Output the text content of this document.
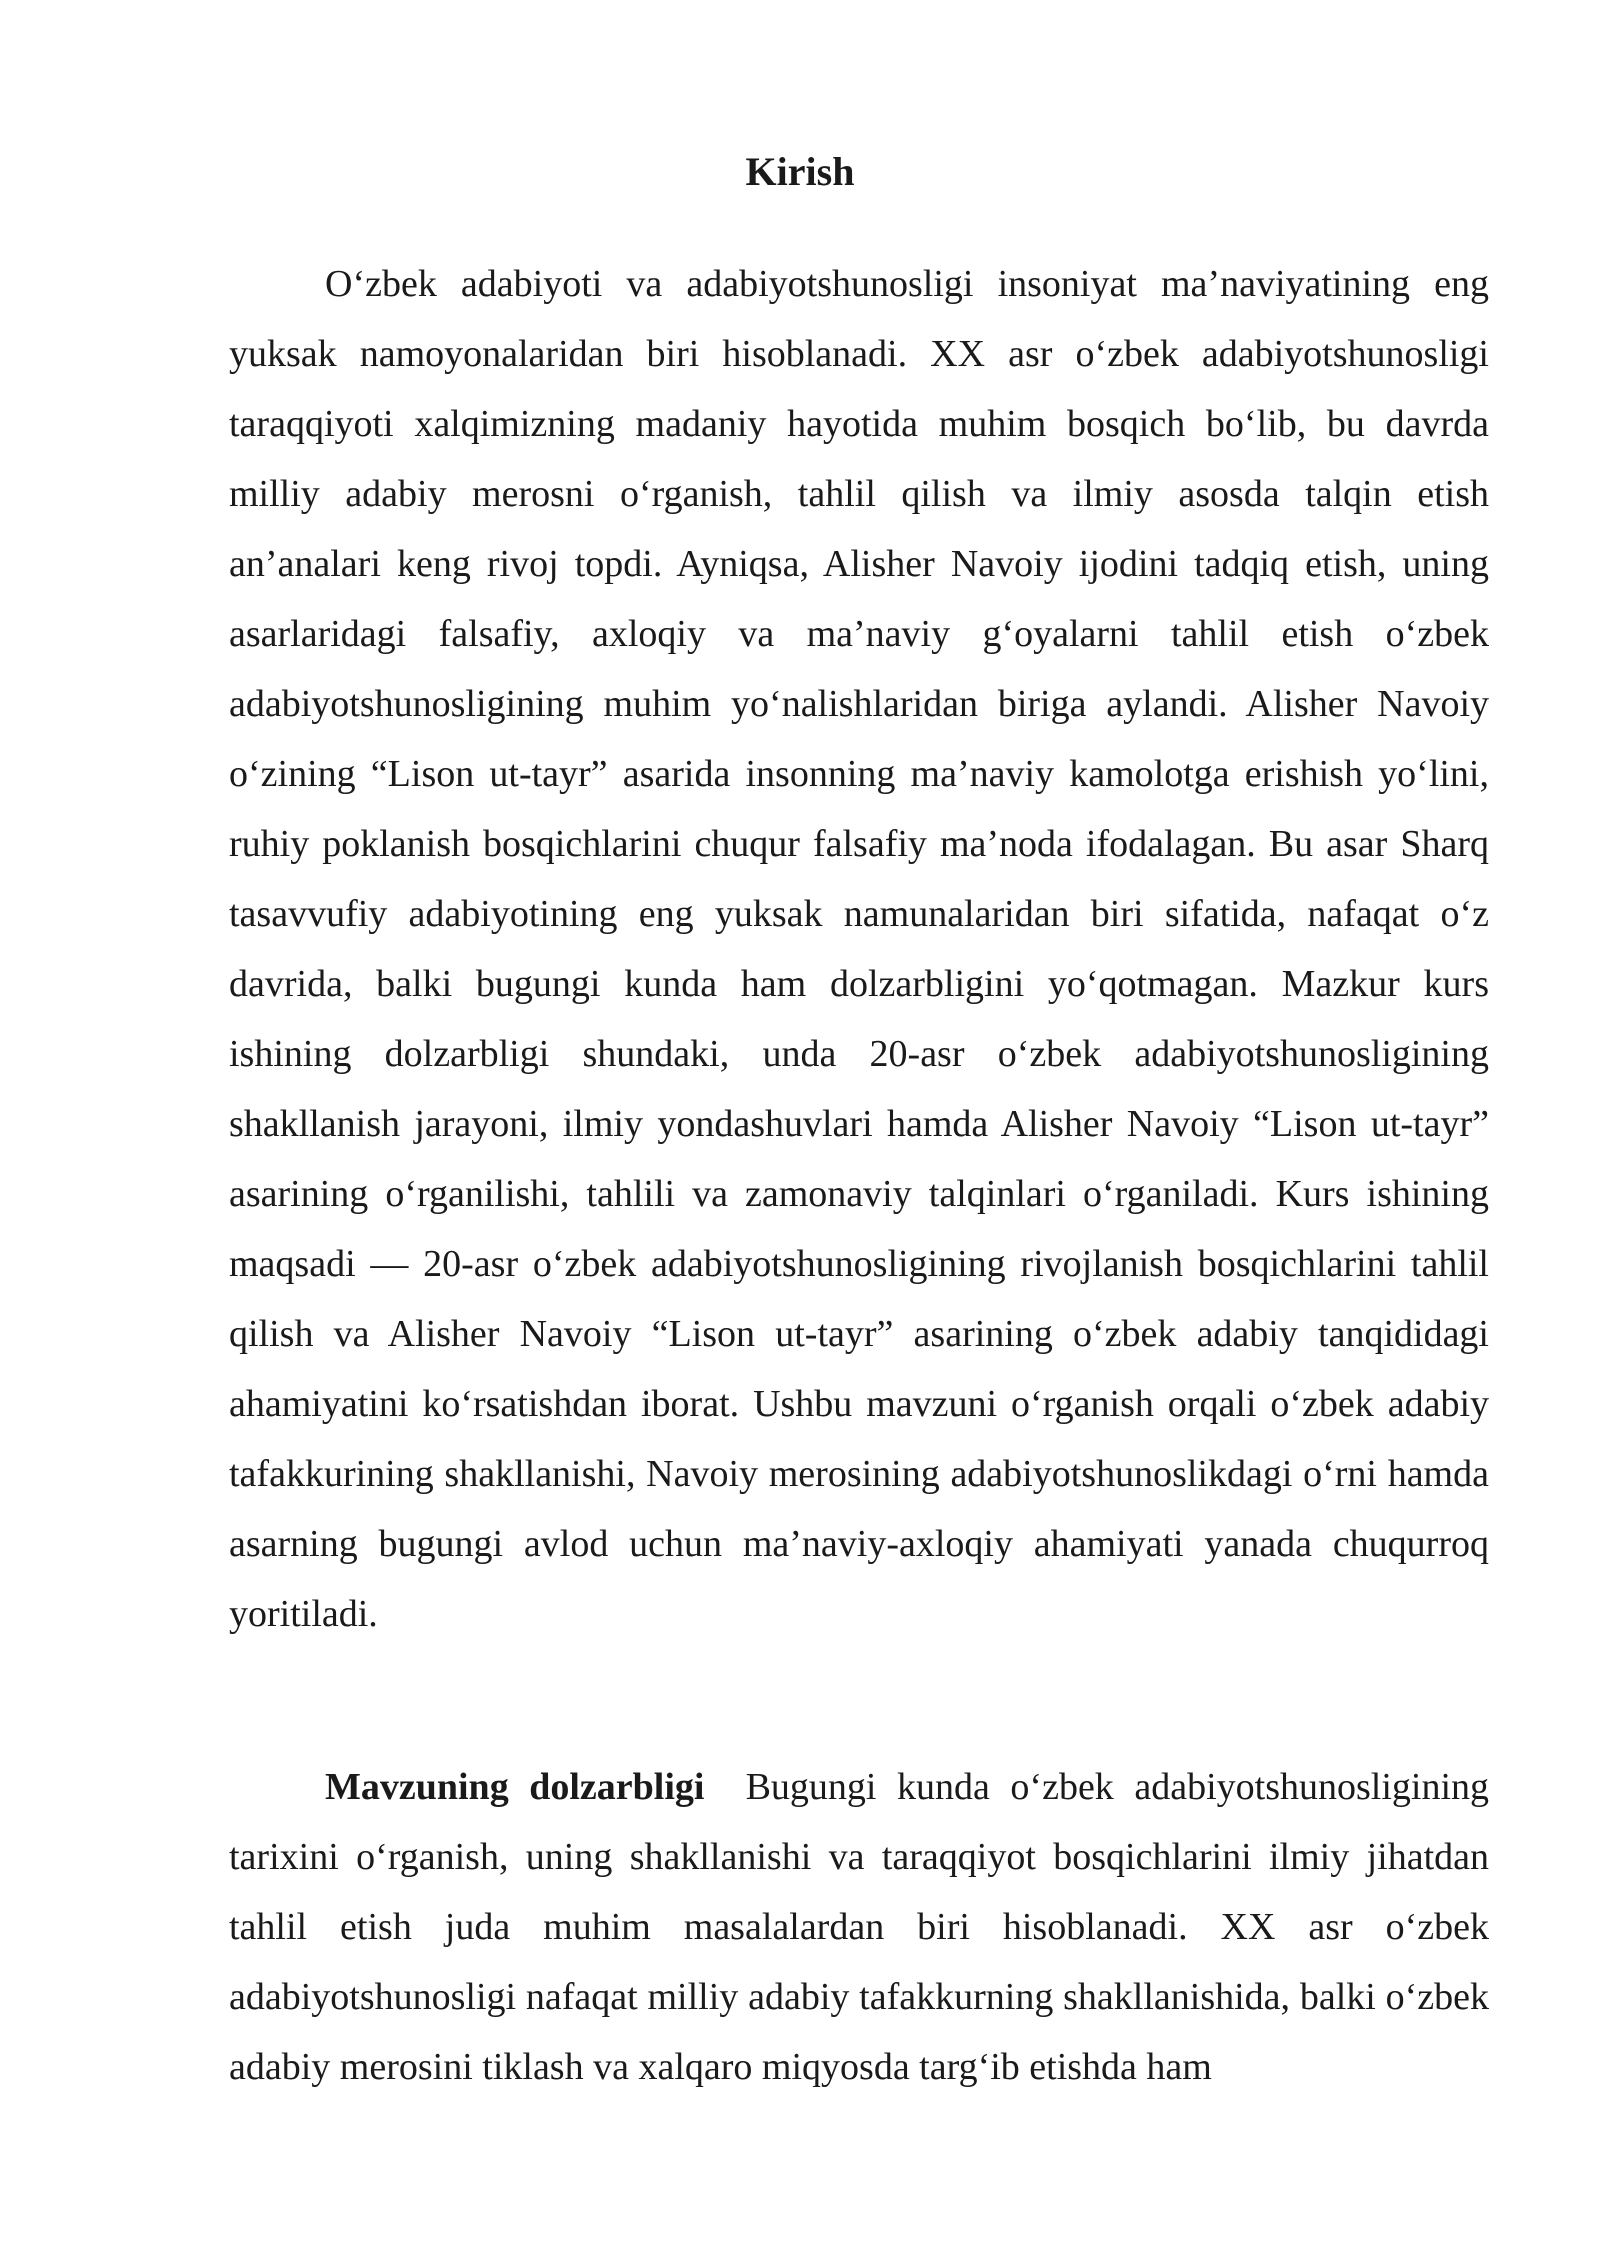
Kirish

O‘zbek adabiyoti va adabiyotshunosligi insoniyat ma’naviyatining eng yuksak namoyonalaridan biri hisoblanadi. XX asr o‘zbek adabiyotshunosligi taraqqiyoti xalqimizning madaniy hayotida muhim bosqich bo‘lib, bu davrda milliy adabiy merosni o‘rganish, tahlil qilish va ilmiy asosda talqin etish an’analari keng rivoj topdi. Ayniqsa, Alisher Navoiy ijodini tadqiq etish, uning asarlaridagi falsafiy, axloqiy va ma’naviy g‘oyalarni tahlil etish o‘zbek adabiyotshunosligining muhim yo‘nalishlaridan biriga aylandi. Alisher Navoiy o‘zining “Lison ut-tayr” asarida insonning ma’naviy kamolotga erishish yo‘lini, ruhiy poklanish bosqichlarini chuqur falsafiy ma’noda ifodalagan. Bu asar Sharq tasavvufiy adabiyotining eng yuksak namunalaridan biri sifatida, nafaqat o‘z davrida, balki bugungi kunda ham dolzarbligini yo‘qotmagan. Mazkur kurs ishining dolzarbligi shundaki, unda 20-asr o‘zbek adabiyotshunosligining shakllanish jarayoni, ilmiy yondashuvlari hamda Alisher Navoiy “Lison ut-tayr” asarining o‘rganilishi, tahlili va zamonaviy talqinlari o‘rganiladi. Kurs ishining maqsadi — 20-asr o‘zbek adabiyotshunosligining rivojlanish bosqichlarini tahlil qilish va Alisher Navoiy “Lison ut-tayr” asarining o‘zbek adabiy tanqididagi ahamiyatini ko‘rsatishdan iborat. Ushbu mavzuni o‘rganish orqali o‘zbek adabiy tafakkurining shakllanishi, Navoiy merosining adabiyotshunoslikdagi o‘rni hamda asarning bugungi avlod uchun ma’naviy-axloqiy ahamiyati yanada chuqurroq yoritiladi.

Mavzuning dolzarbligi Bugungi kunda o‘zbek adabiyotshunosligining tarixini o‘rganish, uning shakllanishi va taraqqiyot bosqichlarini ilmiy jihatdan tahlil etish juda muhim masalalardan biri hisoblanadi. XX asr o‘zbek adabiyotshunosligi nafaqat milliy adabiy tafakkurning shakllanishida, balki o‘zbek adabiy merosini tiklash va xalqaro miqyosda targ‘ib etishda ham
